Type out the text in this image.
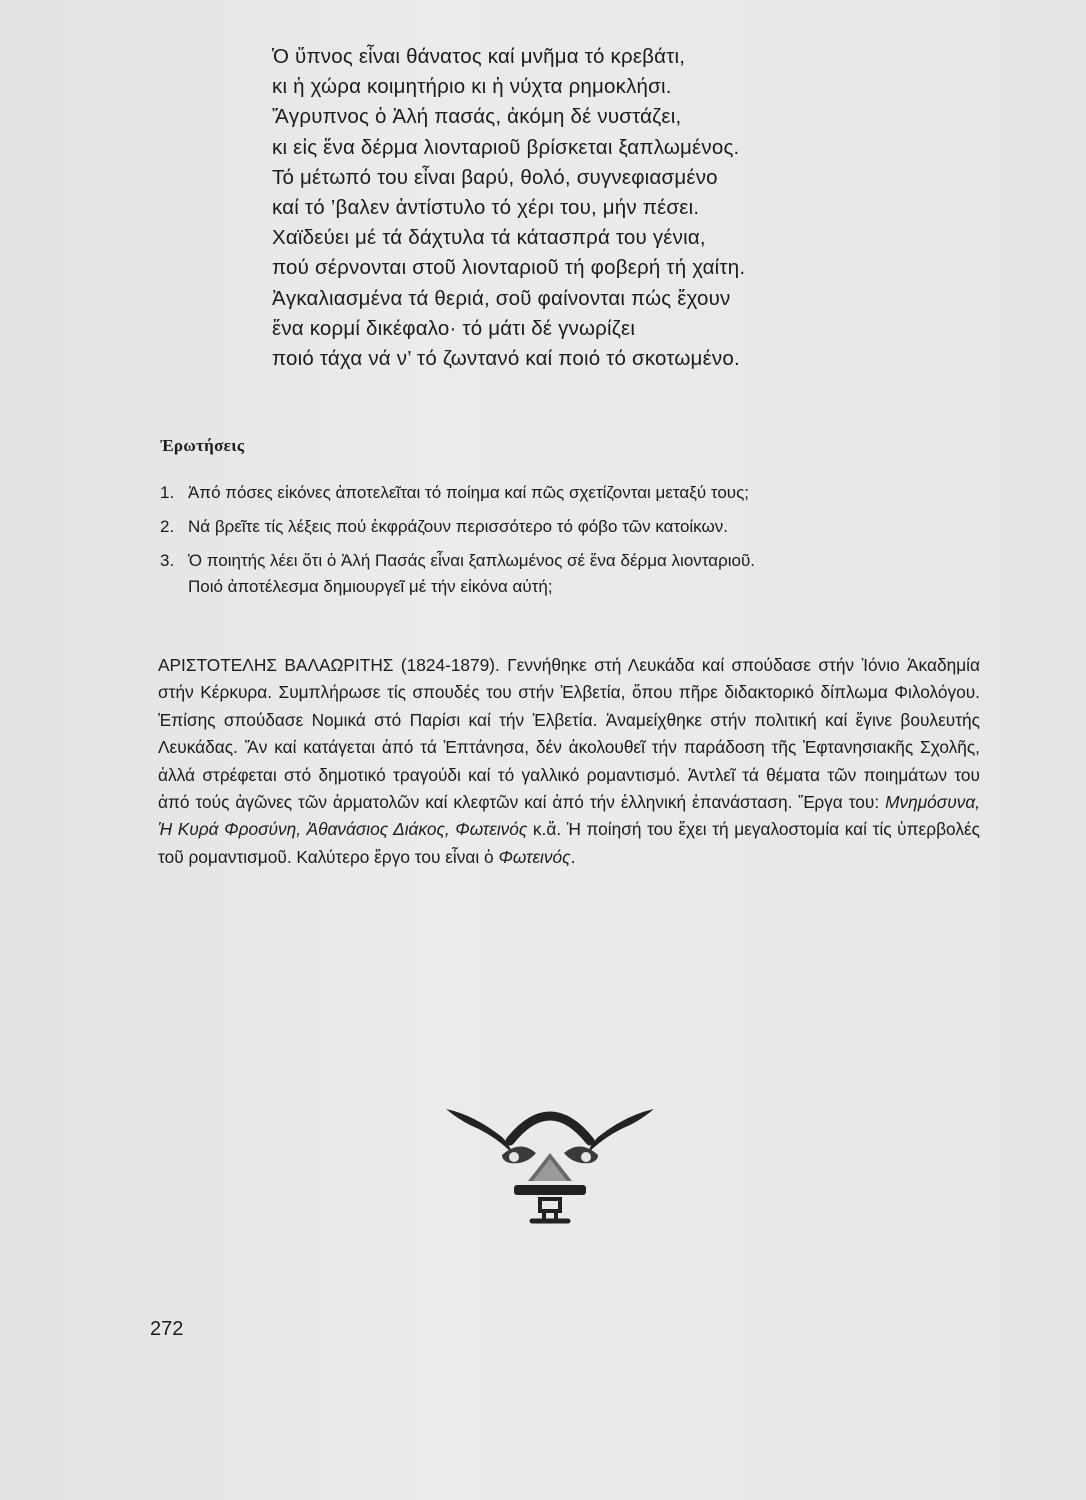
Ὁ ὕπνος εἶναι θάνατος καί μνῆμα τό κρεβάτι,
κι ἡ χώρα κοιμητήριο κι ἡ νύχτα ρημοκλήσι.
Ἄγρυπνος ὁ Ἀλή πασάς, ἀκόμη δέ νυστάζει,
κι εἰς ἕνα δέρμα λιονταριοῦ βρίσκεται ξαπλωμένος.
Τό μέτωπό του εἶναι βαρύ, θολό, συγνεφιασμένο
καί τό ’βαλεν ἀντίστυλο τό χέρι του, μήν πέσει.
Χαϊδεύει μέ τά δάχτυλα τά κάτασπρά του γένια,
πού σέρνονται στοῦ λιονταριοῦ τή φοβερή τή χαίτη.
Ἀγκαλιασμένα τά θεριά, σοῦ φαίνονται πώς ἔχουν
ἕνα κορμί δικέφαλο· τό μάτι δέ γνωρίζει
ποιό τάχα νά ν’ τό ζωντανό καί ποιό τό σκοτωμένο.
Ἐρωτήσεις
1. Ἀπό πόσες εἰκόνες ἀποτελεῖται τό ποίημα καί πῶς σχετίζονται μεταξύ τους;
2. Νά βρεῖτε τίς λέξεις πού ἐκφράζουν περισσότερο τό φόβο τῶν κατοίκων.
3. Ὁ ποιητής λέει ὅτι ὁ Ἀλή Πασάς εἶναι ξαπλωμένος σέ ἕνα δέρμα λιονταριοῦ.
Ποιό ἀποτέλεσμα δημιουργεῖ μέ τήν εἰκόνα αὐτή;
ΑΡΙΣΤΟΤΕΛΗΣ ΒΑΛΑΩΡΙΤΗΣ (1824-1879). Γεννήθηκε στή Λευκάδα καί σπούδασε στήν Ἰόνιο Ἀκαδημία στήν Κέρκυρα. Συμπλήρωσε τίς σπουδές του στήν Ἐλβετία, ὅπου πῆρε διδακτορικό δίπλωμα Φιλολόγου. Ἐπίσης σπούδασε Νομικά στό Παρίσι καί τήν Ἐλβετία. Ἀναμείχθηκε στήν πολιτική καί ἔγινε βουλευτής Λευκάδας. Ἄν καί κατάγεται ἀπό τά Ἑπτάνησα, δέν ἀκολουθεῖ τήν παράδοση τῆς Ἑφτανησιακῆς Σχολῆς, ἀλλά στρέφεται στό δημοτικό τραγούδι καί τό γαλλικό ρομαντισμό. Ἀντλεῖ τά θέματα τῶν ποιημάτων του ἀπό τούς ἀγῶνες τῶν ἁρματολῶν καί κλεφτῶν καί ἀπό τήν ἑλληνική ἐπανάσταση. Ἔργα του: Μνημόσυνα, Ἡ Κυρά Φροσύνη, Ἀθανάσιος Διάκος, Φωτεινός κ.ἄ. Ἡ ποίησή του ἔχει τή μεγαλοστομία καί τίς ὑπερβολές τοῦ ρομαντισμοῦ. Καλύτερο ἔργο του εἶναι ὁ Φωτεινός.
272
